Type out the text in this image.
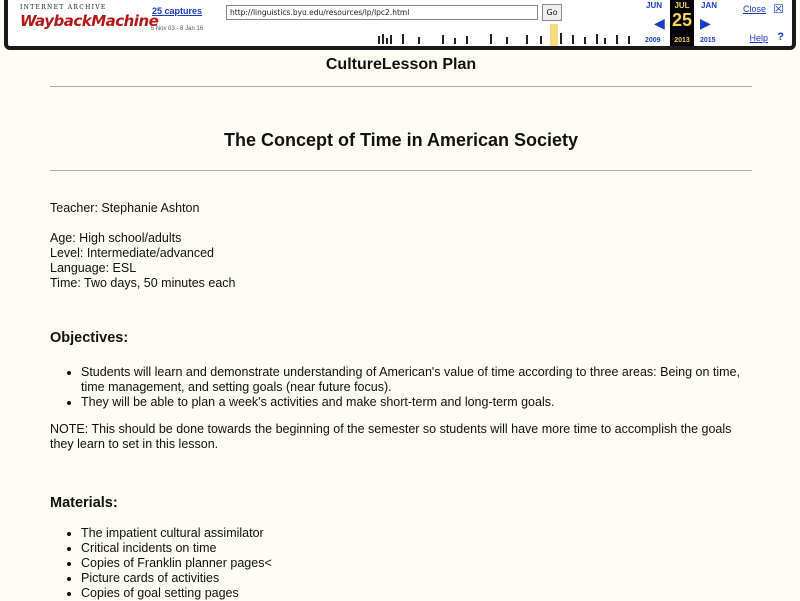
INTERNET ARCHIVE
WaybackMachine
25 captures
5 Nov 03 - 8 Jan 16
http://linguistics.byu.edu/resources/lp/lpc2.html
Go
JUN
◀
2009
JUL
25
2013
JAN
▶
2015
Close ☒
Help ?
CultureLesson Plan
The Concept of Time in American Society

Teacher: Stephanie Ashton

Age: High school/adults

Level: Intermediate/advanced

Language: ESL

Time: Two days, 50 minutes each

Objectives:
• Students will learn and demonstrate understanding of American's value of time according to three areas: Being on time, time management, and setting goals (near future focus).
• They will be able to plan a week's activities and make short-term and long-term goals.

NOTE: This should be done towards the beginning of the semester so students will have more time to accomplish the goals they learn to set in this lesson.

Materials:
• The impatient cultural assimilator
• Critical incidents on time
• Copies of Franklin planner pages<
• Picture cards of activities
• Copies of goal setting pages
